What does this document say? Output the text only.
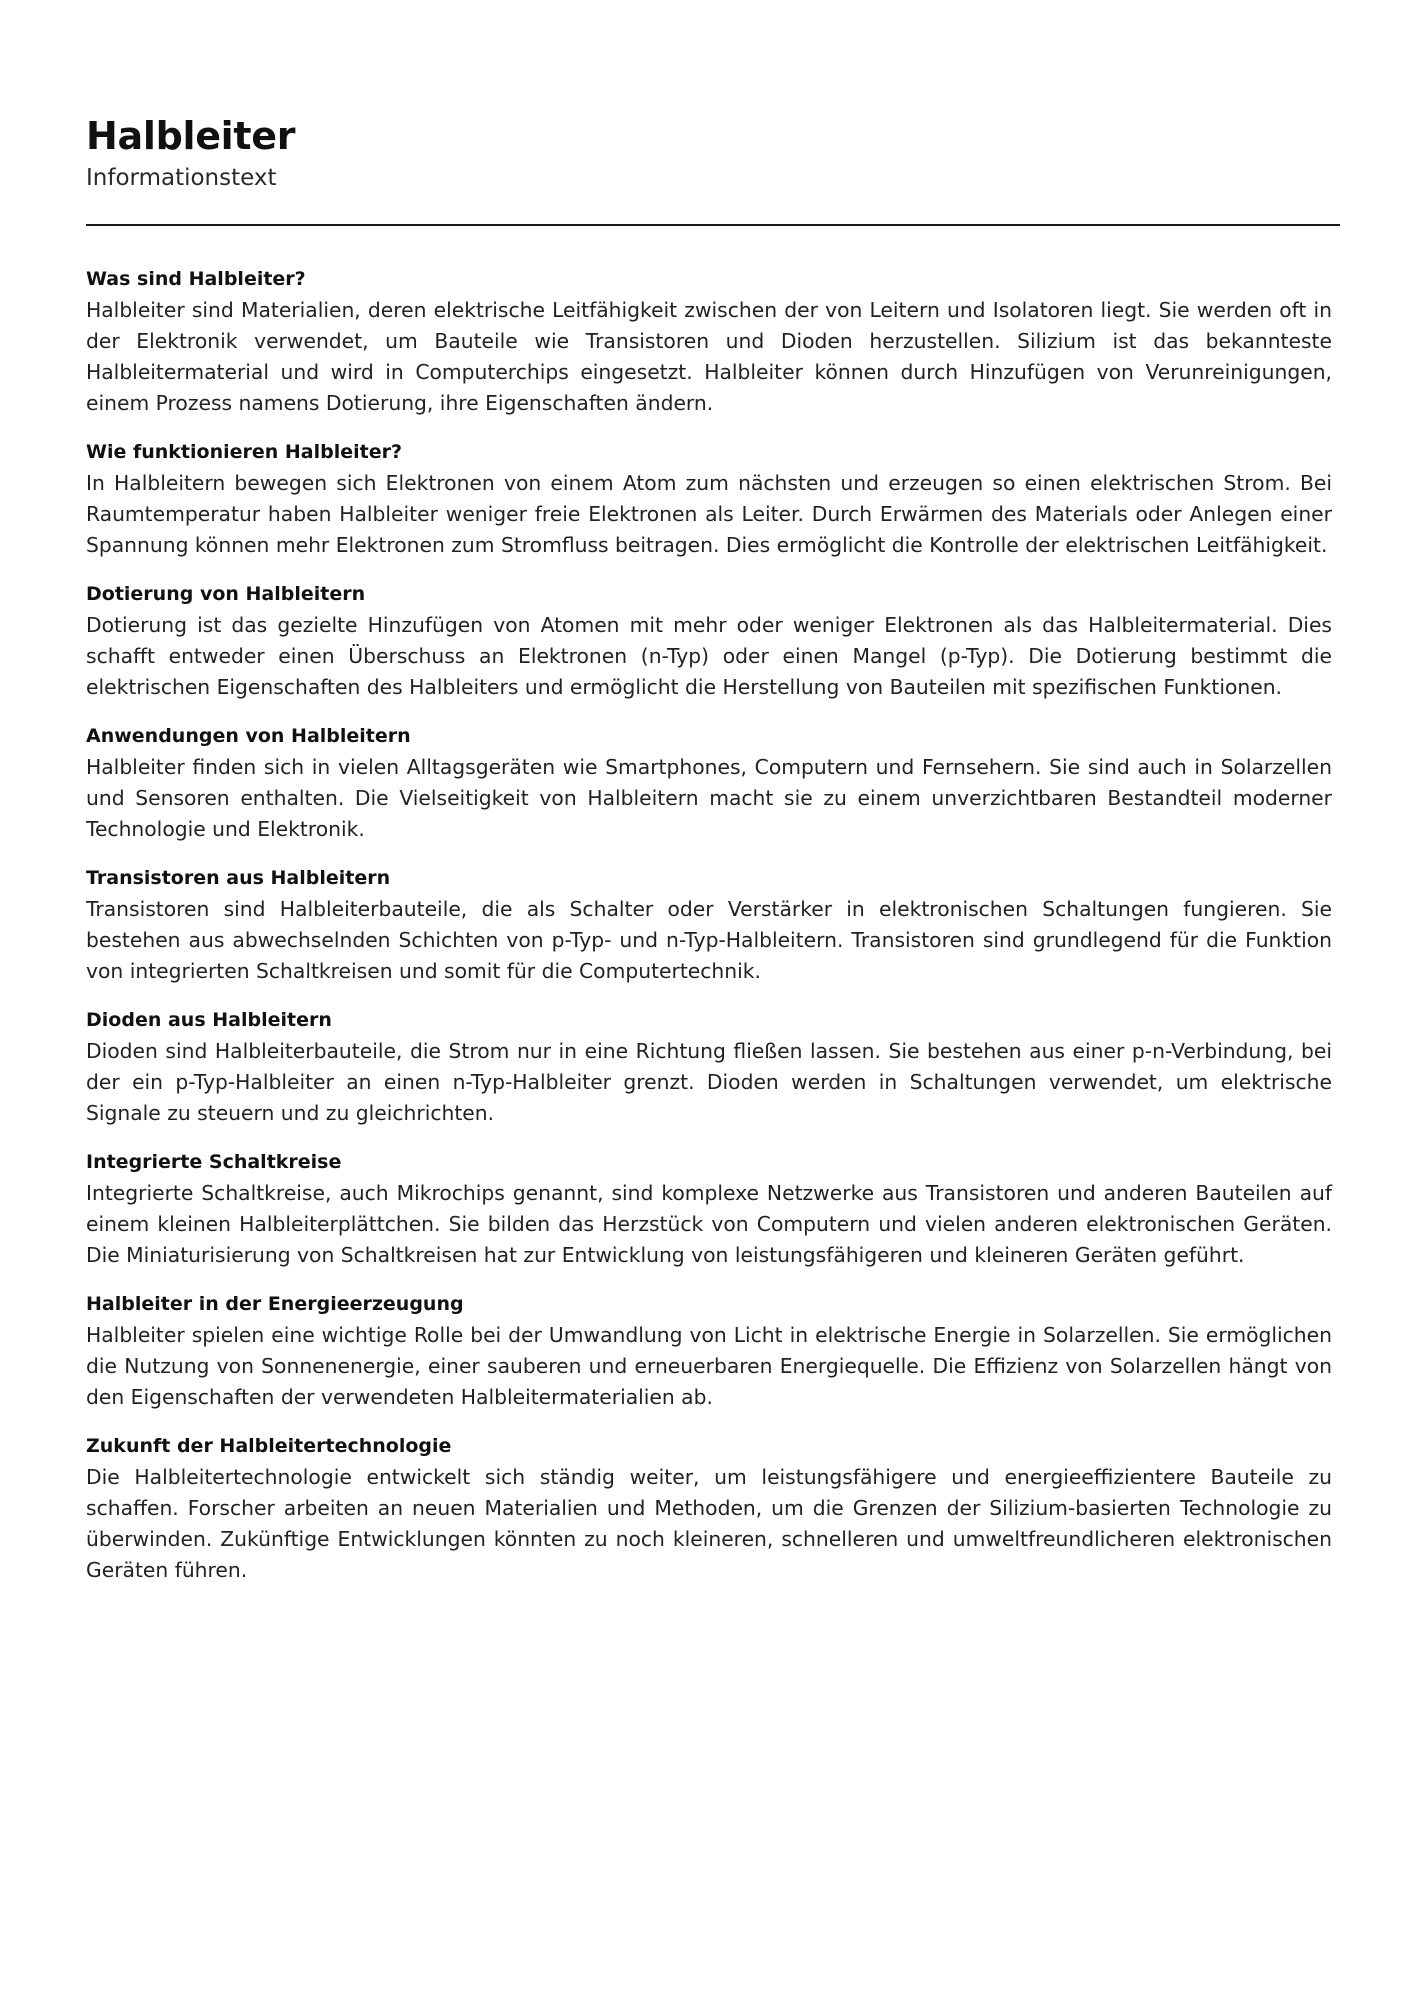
Halbleiter
Informationstext
Was sind Halbleiter?

Halbleiter sind Materialien, deren elektrische Leitfähigkeit zwischen der von Leitern und Isolatoren liegt. Sie werden oft in der Elektronik verwendet, um Bauteile wie Transistoren und Dioden herzustellen. Silizium ist das bekannteste Halbleitermaterial und wird in Computerchips eingesetzt. Halbleiter können durch Hinzufügen von Verunreinigungen, einem Prozess namens Dotierung, ihre Eigenschaften ändern.

Wie funktionieren Halbleiter?

In Halbleitern bewegen sich Elektronen von einem Atom zum nächsten und erzeugen so einen elektrischen Strom. Bei Raumtemperatur haben Halbleiter weniger freie Elektronen als Leiter. Durch Erwärmen des Materials oder Anlegen einer Spannung können mehr Elektronen zum Stromfluss beitragen. Dies ermöglicht die Kontrolle der elektrischen Leitfähigkeit.

Dotierung von Halbleitern

Dotierung ist das gezielte Hinzufügen von Atomen mit mehr oder weniger Elektronen als das Halbleitermaterial. Dies schafft entweder einen Überschuss an Elektronen (n-Typ) oder einen Mangel (p-Typ). Die Dotierung bestimmt die elektrischen Eigenschaften des Halbleiters und ermöglicht die Herstellung von Bauteilen mit spezifischen Funktionen.

Anwendungen von Halbleitern

Halbleiter finden sich in vielen Alltagsgeräten wie Smartphones, Computern und Fernsehern. Sie sind auch in Solarzellen und Sensoren enthalten. Die Vielseitigkeit von Halbleitern macht sie zu einem unverzichtbaren Bestandteil moderner Technologie und Elektronik.

Transistoren aus Halbleitern

Transistoren sind Halbleiterbauteile, die als Schalter oder Verstärker in elektronischen Schaltungen fungieren. Sie bestehen aus abwechselnden Schichten von p-Typ- und n-Typ-Halbleitern. Transistoren sind grundlegend für die Funktion von integrierten Schaltkreisen und somit für die Computertechnik.

Dioden aus Halbleitern

Dioden sind Halbleiterbauteile, die Strom nur in eine Richtung fließen lassen. Sie bestehen aus einer p-n-Verbindung, bei der ein p-Typ-Halbleiter an einen n-Typ-Halbleiter grenzt. Dioden werden in Schaltungen verwendet, um elektrische Signale zu steuern und zu gleichrichten.

Integrierte Schaltkreise

Integrierte Schaltkreise, auch Mikrochips genannt, sind komplexe Netzwerke aus Transistoren und anderen Bauteilen auf einem kleinen Halbleiterplättchen. Sie bilden das Herzstück von Computern und vielen anderen elektronischen Geräten. Die Miniaturisierung von Schaltkreisen hat zur Entwicklung von leistungsfähigeren und kleineren Geräten geführt.

Halbleiter in der Energieerzeugung

Halbleiter spielen eine wichtige Rolle bei der Umwandlung von Licht in elektrische Energie in Solarzellen. Sie ermöglichen die Nutzung von Sonnenenergie, einer sauberen und erneuerbaren Energiequelle. Die Effizienz von Solarzellen hängt von den Eigenschaften der verwendeten Halbleitermaterialien ab.

Zukunft der Halbleitertechnologie

Die Halbleitertechnologie entwickelt sich ständig weiter, um leistungsfähigere und energieeffizientere Bauteile zu schaffen. Forscher arbeiten an neuen Materialien und Methoden, um die Grenzen der Silizium-basierten Technologie zu überwinden. Zukünftige Entwicklungen könnten zu noch kleineren, schnelleren und umweltfreundlicheren elektronischen Geräten führen.
